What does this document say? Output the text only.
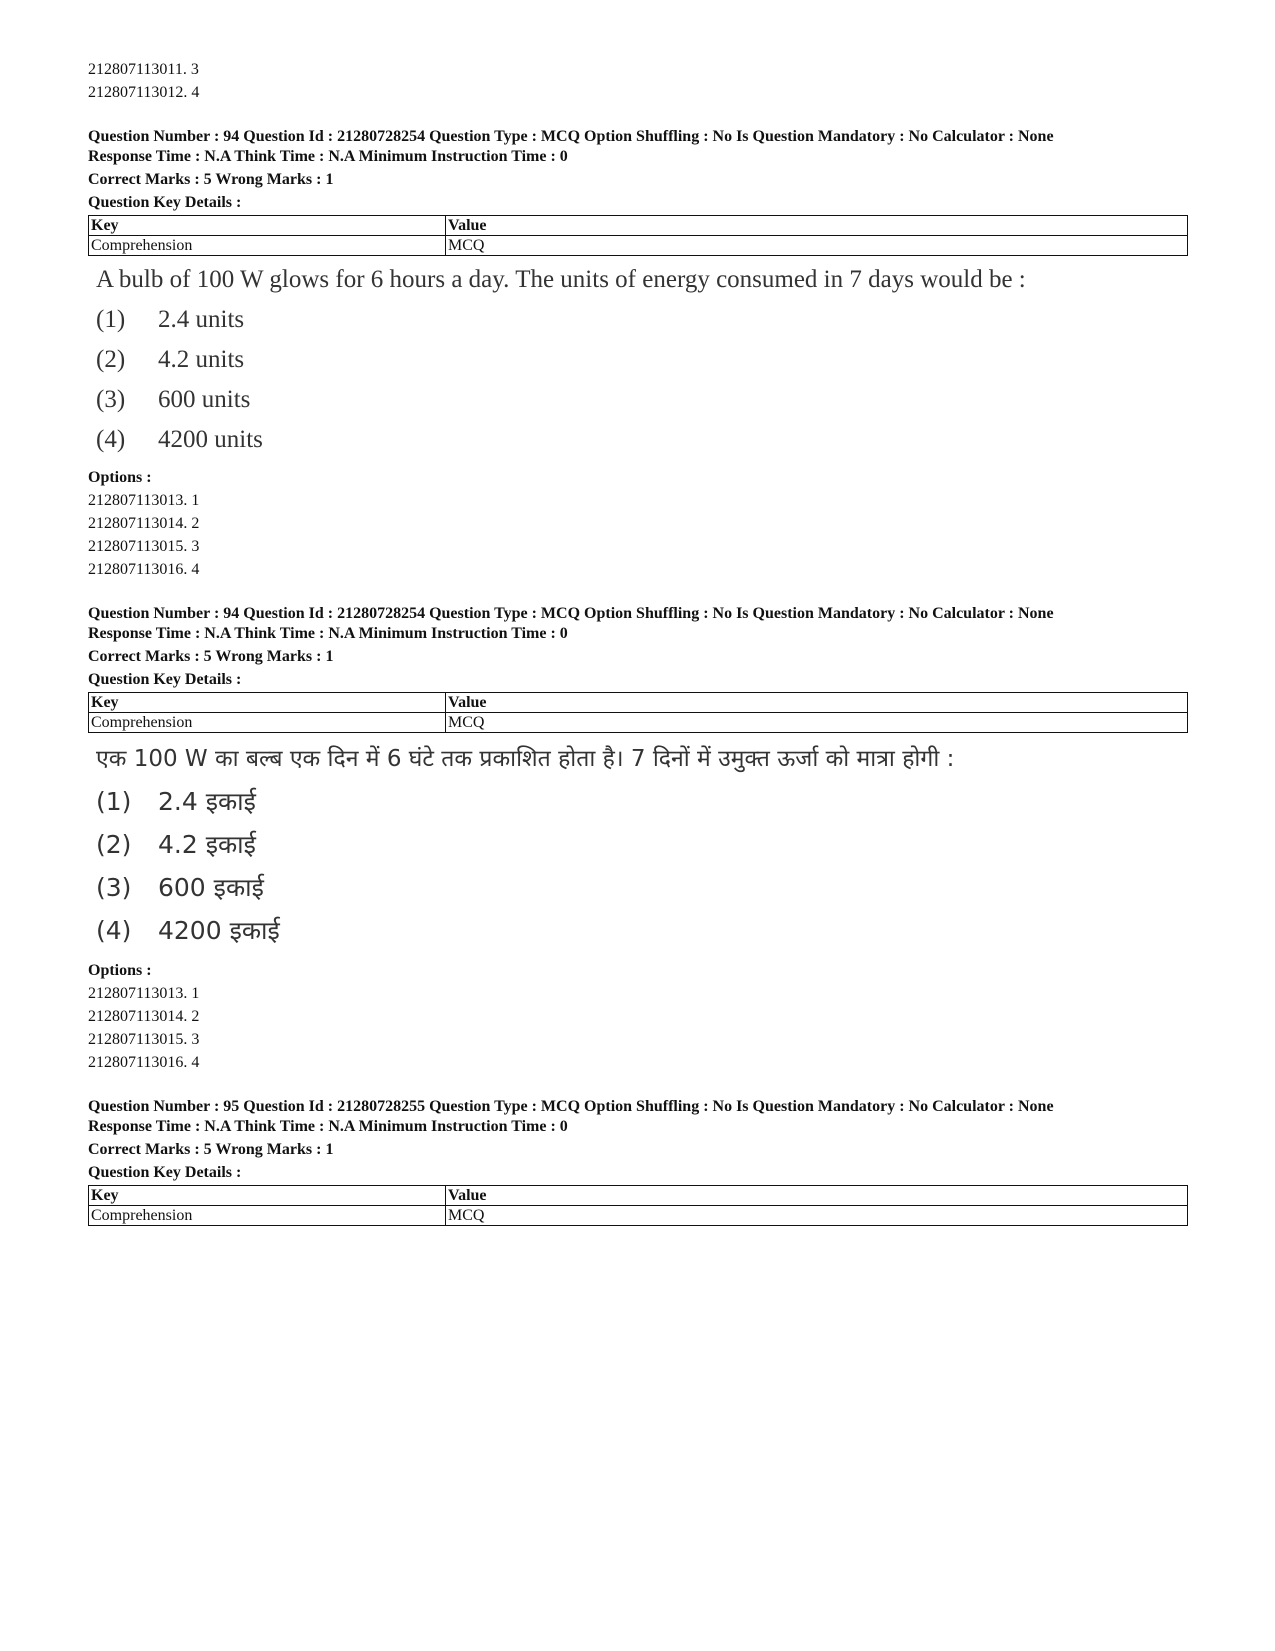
212807113011. 3
212807113012. 4
Question Number : 94 Question Id : 21280728254 Question Type : MCQ Option Shuffling : No Is Question Mandatory : No Calculator : None
Response Time : N.A Think Time : N.A Minimum Instruction Time : 0
Correct Marks : 5 Wrong Marks : 1
Question Key Details :
Key	Value
Comprehension	MCQ
A bulb of 100 W glows for 6 hours a day. The units of energy consumed in 7 days would be :
(1)	2.4 units
(2)	4.2 units
(3)	600 units
(4)	4200 units
Options :
212807113013. 1
212807113014. 2
212807113015. 3
212807113016. 4
Question Number : 94 Question Id : 21280728254 Question Type : MCQ Option Shuffling : No Is Question Mandatory : No Calculator : None
Response Time : N.A Think Time : N.A Minimum Instruction Time : 0
Correct Marks : 5 Wrong Marks : 1
Question Key Details :
Key	Value
Comprehension	MCQ
एक 100 W का बल्ब एक दिन में 6 घंटे तक प्रकाशित होता है। 7 दिनों में उमुक्त ऊर्जा को मात्रा होगी :
(1)	2.4 इकाई
(2)	4.2 इकाई
(3)	600 इकाई
(4)	4200 इकाई
Options :
212807113013. 1
212807113014. 2
212807113015. 3
212807113016. 4
Question Number : 95 Question Id : 21280728255 Question Type : MCQ Option Shuffling : No Is Question Mandatory : No Calculator : None
Response Time : N.A Think Time : N.A Minimum Instruction Time : 0
Correct Marks : 5 Wrong Marks : 1
Question Key Details :
Key	Value
Comprehension	MCQ
